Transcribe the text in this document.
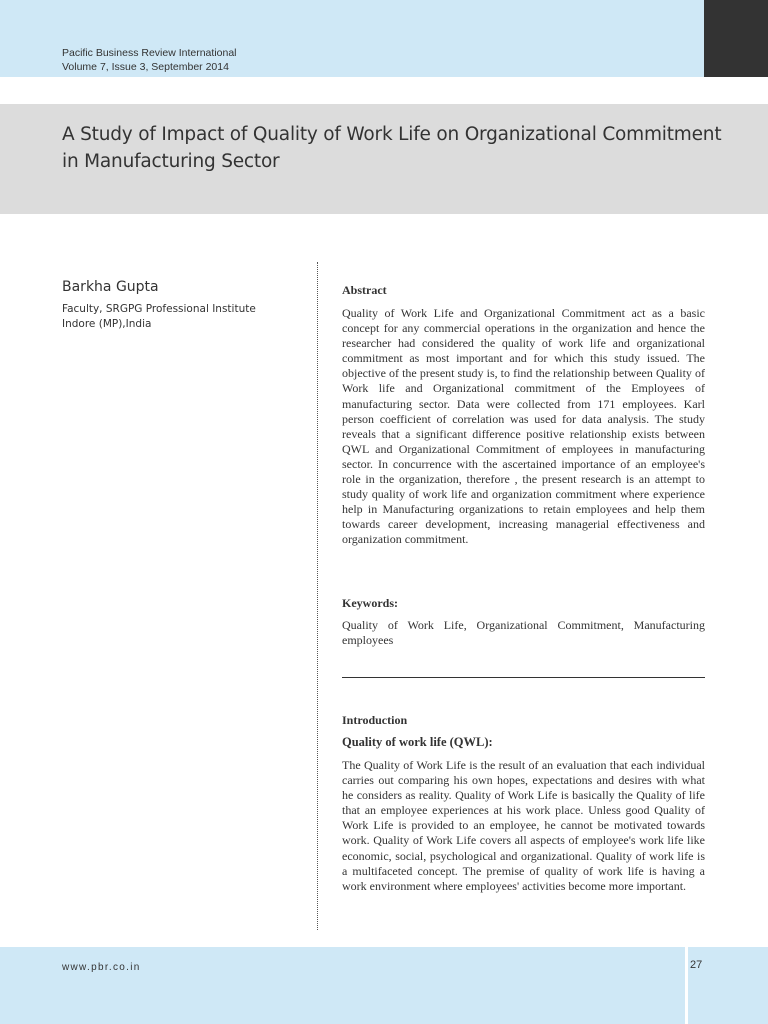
Pacific Business Review International
Volume 7, Issue 3, September 2014
A Study of Impact of Quality of Work Life on Organizational Commitment in Manufacturing Sector
Barkha Gupta
Faculty, SRGPG Professional Institute
Indore (MP),India
Abstract
Quality of Work Life and Organizational Commitment act as a basic concept for any commercial operations in the organization and hence the researcher had considered the quality of work life and organizational commitment as most important and for which this study issued. The objective of the present study is, to find the relationship between Quality of Work life and Organizational commitment of the Employees of manufacturing sector. Data were collected from 171 employees. Karl person coefficient of correlation was used for data analysis. The study reveals that a significant difference positive relationship exists between QWL and Organizational Commitment of employees in manufacturing sector. In concurrence with the ascertained importance of an employee's role in the organization, therefore , the present research is an attempt to study quality of work life and organization commitment where experience help in Manufacturing organizations to retain employees and help them towards career development, increasing managerial effectiveness and organization commitment.
Keywords:
Quality of Work Life, Organizational Commitment, Manufacturing employees
Introduction
Quality of work life (QWL):
The Quality of Work Life is the result of an evaluation that each individual carries out comparing his own hopes, expectations and desires with what he considers as reality. Quality of Work Life is basically the Quality of life that an employee experiences at his work place. Unless good Quality of Work Life is provided to an employee, he cannot be motivated towards work. Quality of Work Life covers all aspects of employee's work life like economic, social, psychological and organizational. Quality of work life is a multifaceted concept. The premise of quality of work life is having a work environment where employees' activities become more important.
www.pbr.co.in	27
